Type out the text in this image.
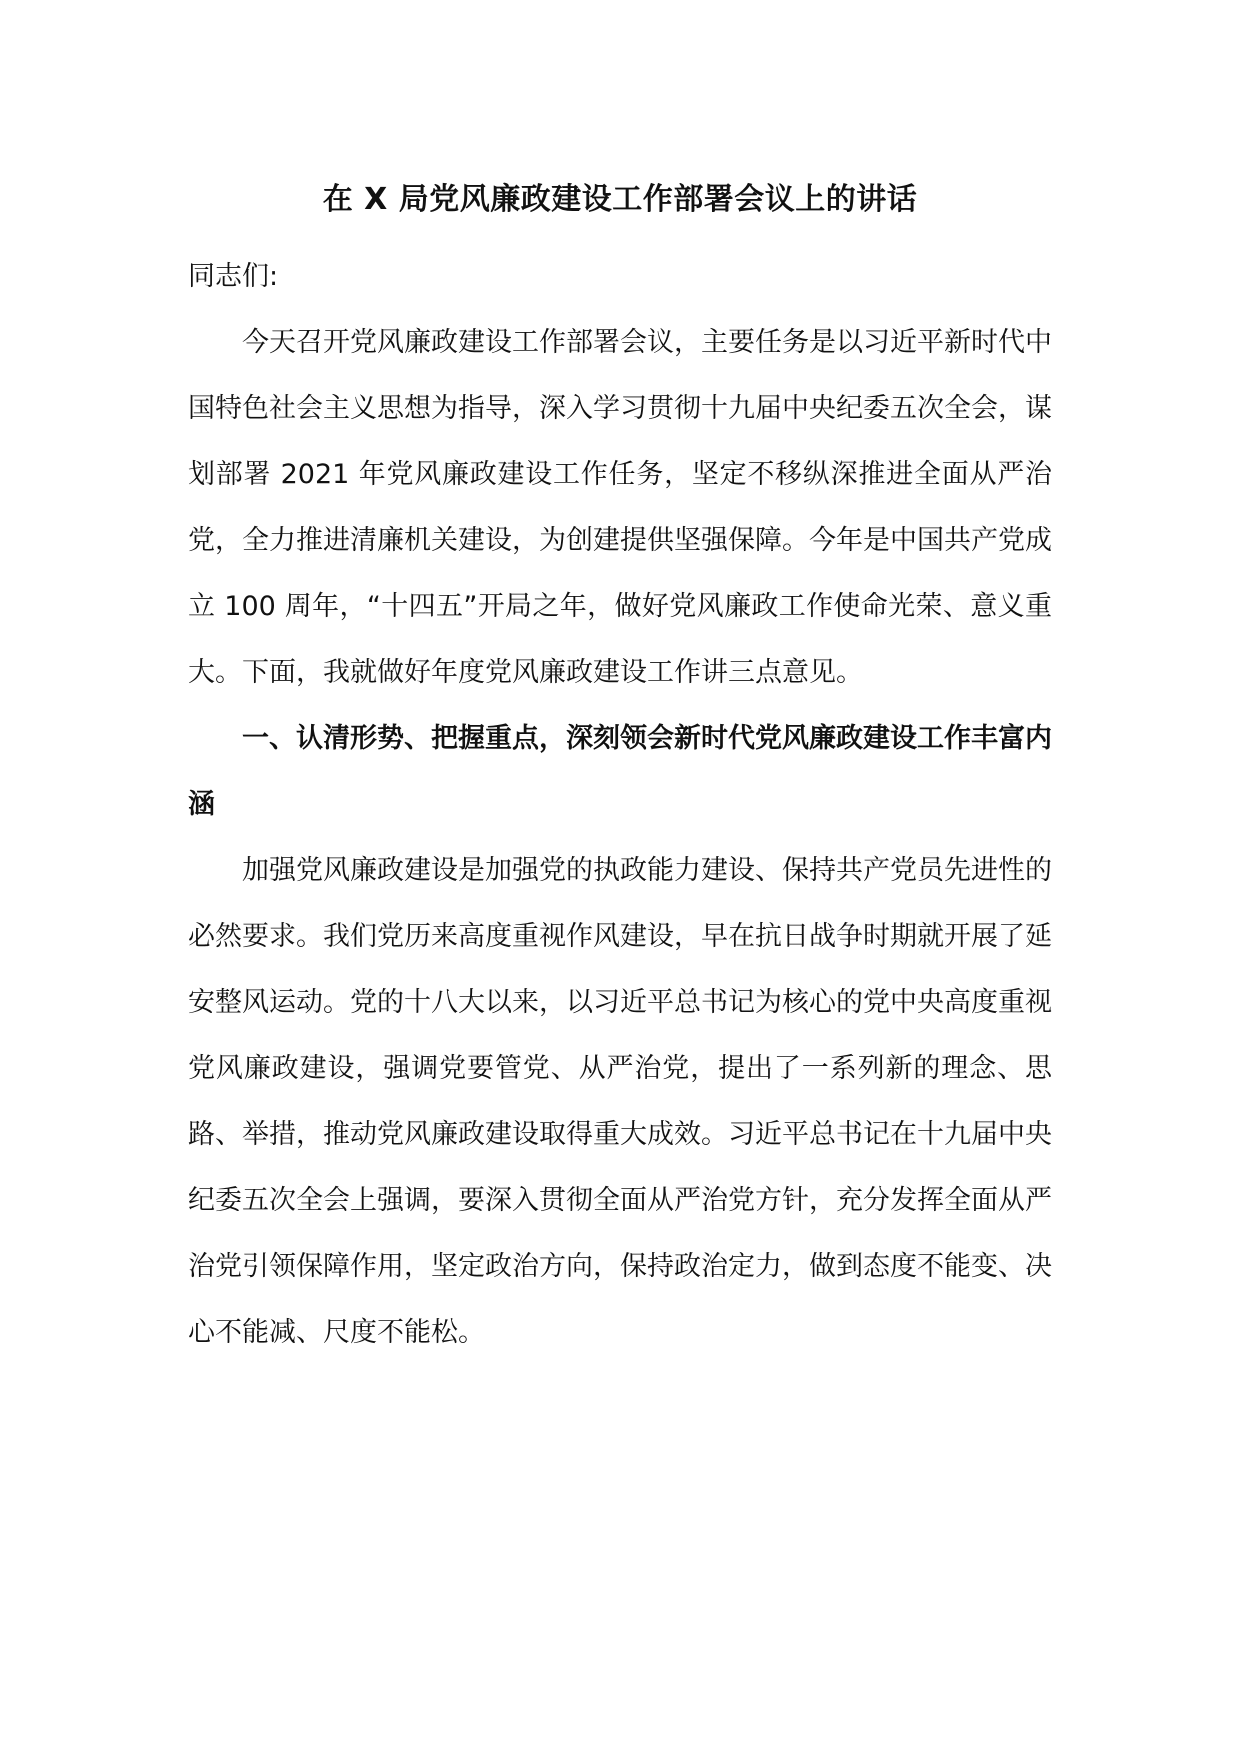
在 X 局党风廉政建设工作部署会议上的讲话

同志们:

今天召开党风廉政建设工作部署会议，主要任务是以习近平新时代中国特色社会主义思想为指导，深入学习贯彻十九届中央纪委五次全会，谋划部署 2021 年党风廉政建设工作任务，坚定不移纵深推进全面从严治党，全力推进清廉机关建设，为创建提供坚强保障。今年是中国共产党成立 100 周年，“十四五”开局之年，做好党风廉政工作使命光荣、意义重大。下面，我就做好年度党风廉政建设工作讲三点意见。

一、认清形势、把握重点，深刻领会新时代党风廉政建设工作丰富内涵

加强党风廉政建设是加强党的执政能力建设、保持共产党员先进性的必然要求。我们党历来高度重视作风建设，早在抗日战争时期就开展了延安整风运动。党的十八大以来，以习近平总书记为核心的党中央高度重视党风廉政建设，强调党要管党、从严治党，提出了一系列新的理念、思路、举措，推动党风廉政建设取得重大成效。习近平总书记在十九届中央纪委五次全会上强调，要深入贯彻全面从严治党方针，充分发挥全面从严治党引领保障作用，坚定政治方向，保持政治定力，做到态度不能变、决心不能减、尺度不能松。
